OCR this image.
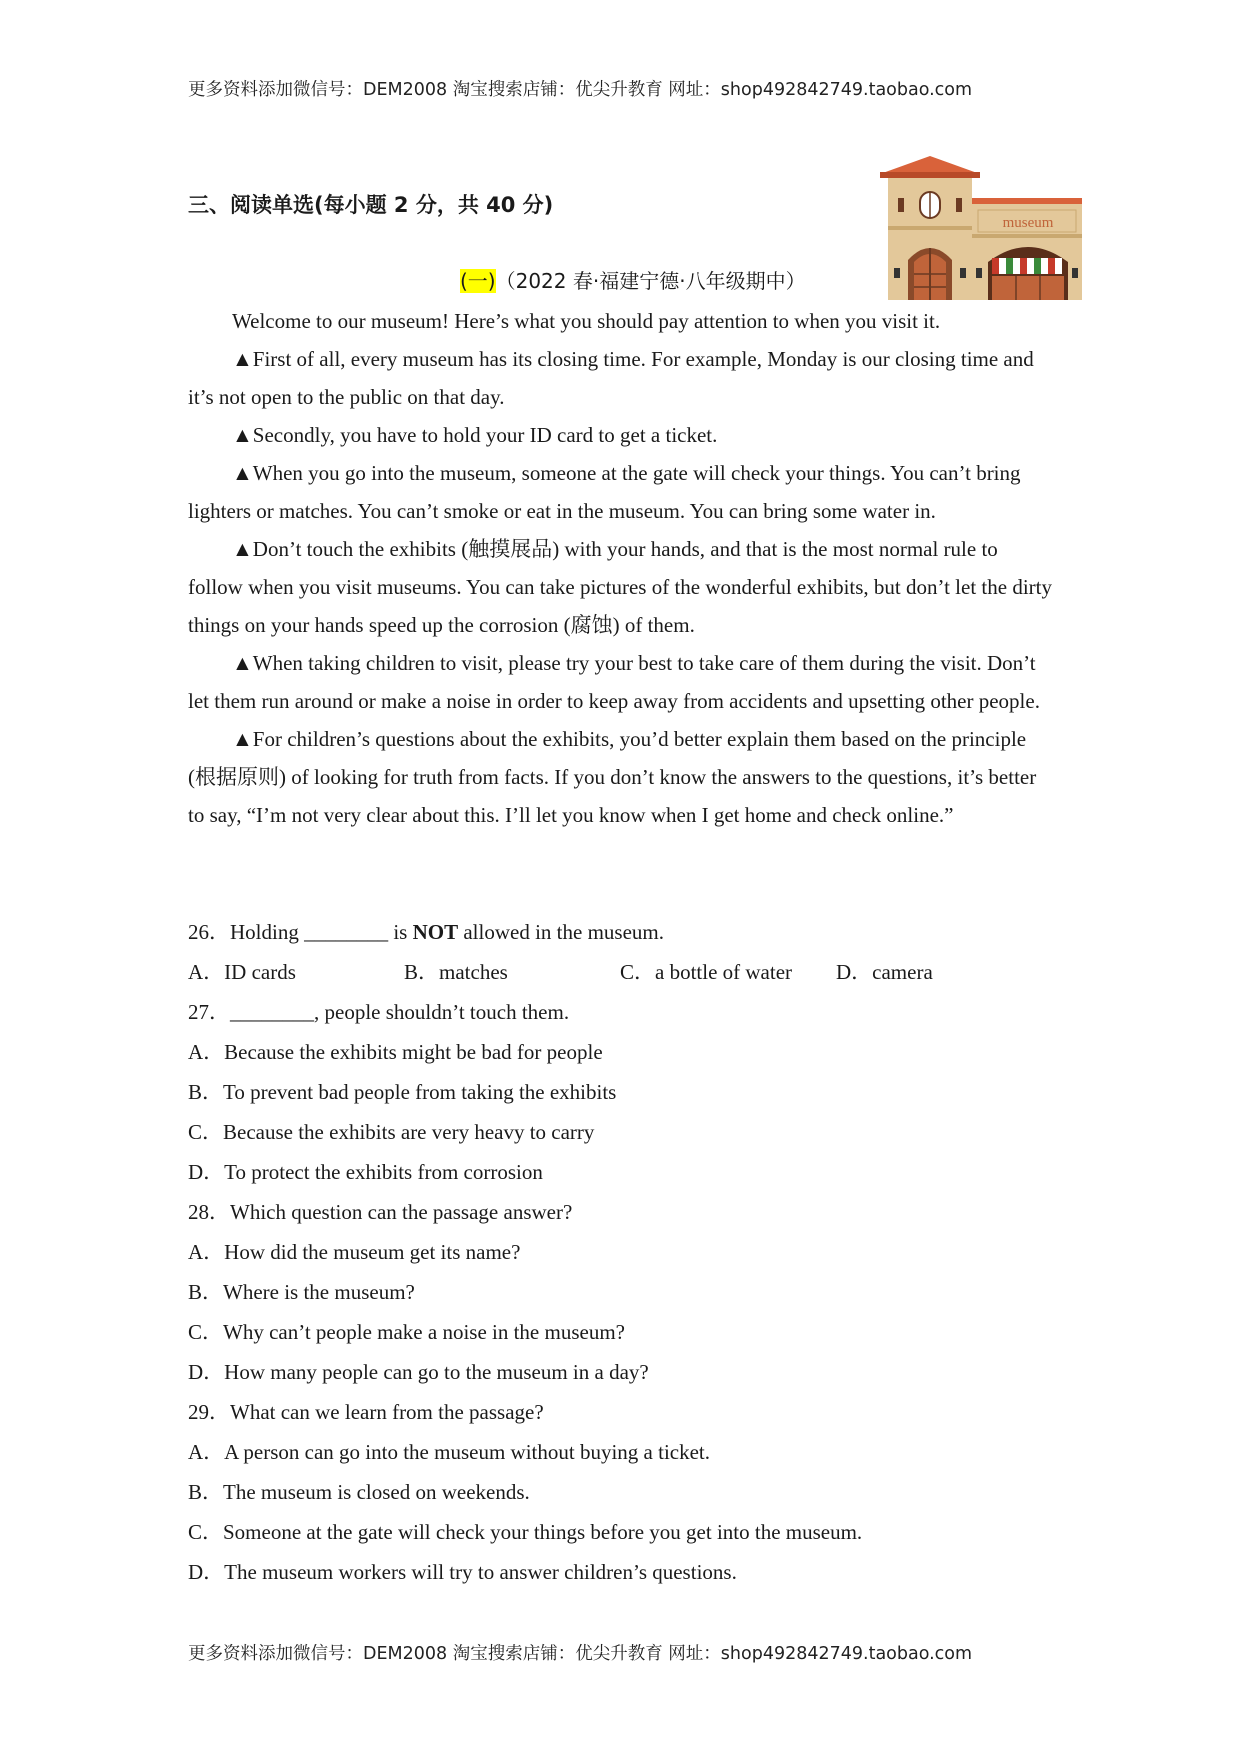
更多资料添加微信号：DEM2008 淘宝搜索店铺：优尖升教育 网址：shop492842749.taobao.com
三、阅读单选(每小题 2 分，共 40 分)
museum
(一)（2022 春·福建宁德·八年级期中）

Welcome to our museum! Here’s what you should pay attention to when you visit it.

▲First of all, every museum has its closing time. For example, Monday is our closing time and it’s not open to the public on that day.

▲Secondly, you have to hold your ID card to get a ticket.

▲When you go into the museum, someone at the gate will check your things. You can’t bring lighters or matches. You can’t smoke or eat in the museum. You can bring some water in.

▲Don’t touch the exhibits (触摸展品) with your hands, and that is the most normal rule to follow when you visit museums. You can take pictures of the wonderful exhibits, but don’t let the dirty things on your hands speed up the corrosion (腐蚀) of them.

▲When taking children to visit, please try your best to take care of them during the visit. Don’t let them run around or make a noise in order to keep away from accidents and upsetting other people.

▲For children’s questions about the exhibits, you’d better explain them based on the principle (根据原则) of looking for truth from facts. If you don’t know the answers to the questions, it’s better to say, “I’m not very clear about this. I’ll let you know when I get home and check online.”

26．Holding ________ is NOT allowed in the museum.
A．ID cards	B．matches	C．a bottle of water	D．camera
27．________, people shouldn’t touch them.
A．Because the exhibits might be bad for people
B．To prevent bad people from taking the exhibits
C．Because the exhibits are very heavy to carry
D．To protect the exhibits from corrosion
28．Which question can the passage answer?
A．How did the museum get its name?
B．Where is the museum?
C．Why can’t people make a noise in the museum?
D．How many people can go to the museum in a day?
29．What can we learn from the passage?
A．A person can go into the museum without buying a ticket.
B．The museum is closed on weekends.
C．Someone at the gate will check your things before you get into the museum.
D．The museum workers will try to answer children’s questions.
更多资料添加微信号：DEM2008 淘宝搜索店铺：优尖升教育 网址：shop492842749.taobao.com
